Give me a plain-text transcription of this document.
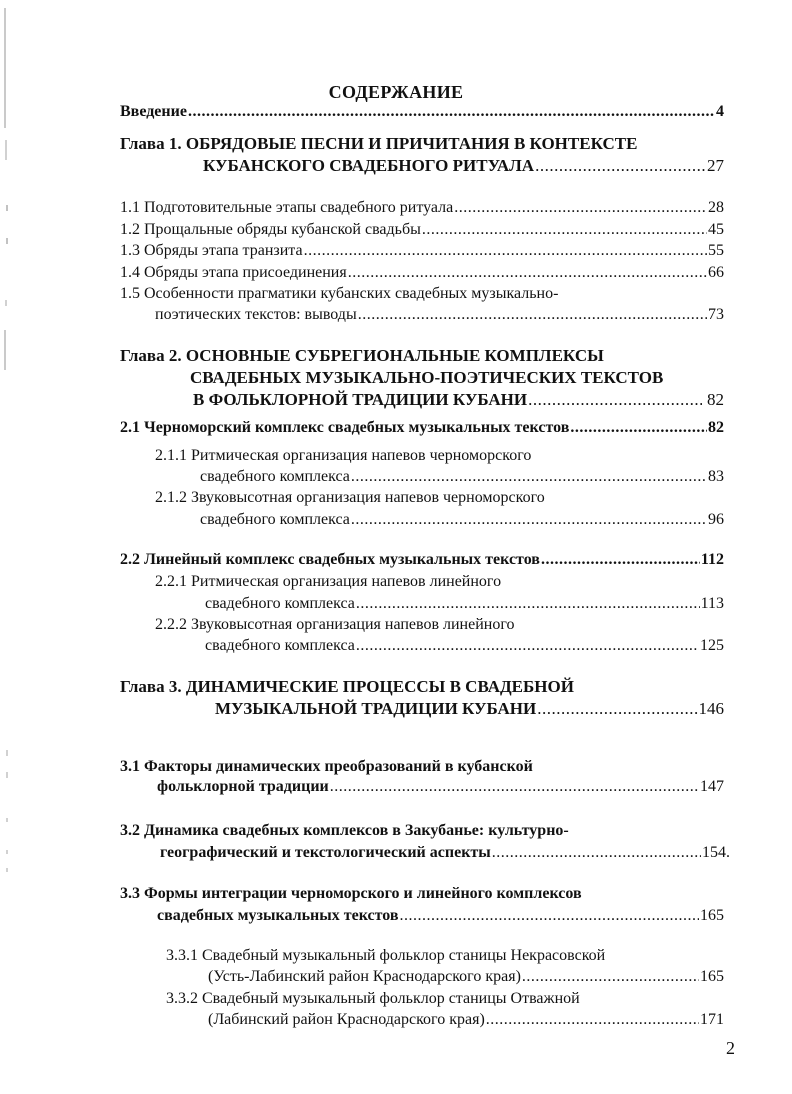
СОДЕРЖАНИЕ
Введение .....	4
Глава 1. ОБРЯДОВЫЕ ПЕСНИ И ПРИЧИТАНИЯ В КОНТЕКСТЕ
КУБАНСКОГО СВАДЕБНОГО РИТУАЛА .....	27
1.1 Подготовительные этапы свадебного ритуала .....	28
1.2 Прощальные обряды кубанской свадьбы .....	45
1.3 Обряды этапа транзита .....	55
1.4 Обряды этапа присоединения .....	66
1.5 Особенности прагматики кубанских свадебных музыкально-
поэтических текстов: выводы .....	73
Глава 2. ОСНОВНЫЕ СУБРЕГИОНАЛЬНЫЕ КОМПЛЕКСЫ
СВАДЕБНЫХ МУЗЫКАЛЬНО-ПОЭТИЧЕСКИХ ТЕКСТОВ
В ФОЛЬКЛОРНОЙ ТРАДИЦИИ КУБАНИ .....	82
2.1 Черноморский комплекс свадебных музыкальных текстов .....	82
2.1.1 Ритмическая организация напевов черноморского
свадебного комплекса .....	83
2.1.2 Звуковысотная организация напевов черноморского
свадебного комплекса .....	96
2.2 Линейный комплекс свадебных музыкальных текстов .....	112
2.2.1 Ритмическая организация напевов линейного
свадебного комплекса .....	113
2.2.2 Звуковысотная организация напевов линейного
свадебного комплекса .....	125
Глава 3. ДИНАМИЧЕСКИЕ ПРОЦЕССЫ В СВАДЕБНОЙ
МУЗЫКАЛЬНОЙ ТРАДИЦИИ КУБАНИ .....	146
3.1 Факторы динамических преобразований в кубанской
фольклорной традиции .....	147
3.2 Динамика свадебных комплексов в Закубанье: культурно-
географический и текстологический аспекты .....	154.
3.3 Формы интеграции черноморского и линейного комплексов
свадебных музыкальных текстов .....	165
3.3.1 Свадебный музыкальный фольклор станицы Некрасовской
(Усть-Лабинский район Краснодарского края) .....	165
3.3.2 Свадебный музыкальный фольклор станицы Отважной
(Лабинский район Краснодарского края) .....	171
2
